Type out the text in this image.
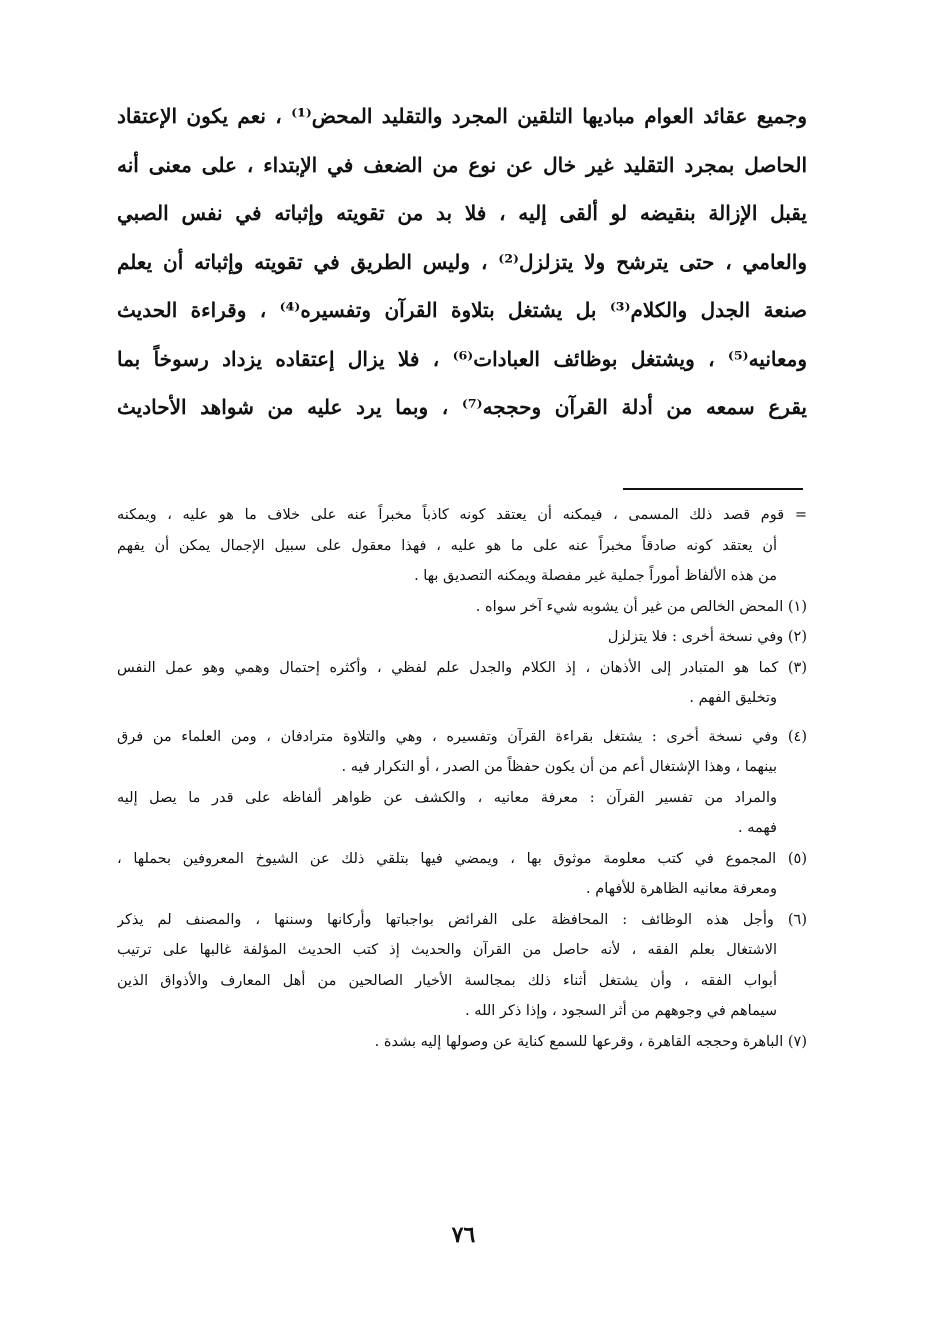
وجميع عقائد العوام مباديها التلقين المجرد والتقليد المحض⁽¹⁾ ، نعم يكون الإعتقاد
الحاصل بمجرد التقليد غير خال عن نوع من الضعف في الإبتداء ، على معنى أنه
يقبل الإزالة بنقيضه لو ألقى إليه ، فلا بد من تقويته وإثباته في نفس الصبي
والعامي ، حتى يترشح ولا يتزلزل⁽²⁾ ، وليس الطريق في تقويته وإثباته أن يعلم
صنعة الجدل والكلام⁽³⁾ بل يشتغل بتلاوة القرآن وتفسيره⁽⁴⁾ ، وقراءة الحديث
ومعانيه⁽⁵⁾ ، ويشتغل بوظائف العبادات⁽⁶⁾ ، فلا يزال إعتقاده يزداد رسوخاً بما
يقرع سمعه من أدلة القرآن وحججه⁽⁷⁾ ، وبما يرد عليه من شواهد الأحاديث
= قوم قصد ذلك المسمى ، فيمكنه أن يعتقد كونه كاذباً مخبراً عنه على خلاف ما هو عليه ، ويمكنه
أن يعتقد كونه صادقاً مخبراً عنه على ما هو عليه ، فهذا معقول على سبيل الإجمال يمكن أن يفهم
من هذه الألفاظ أموراً جملية غير مفصلة ويمكنه التصديق بها .
(١) المحض الخالص من غير أن يشوبه شيء آخر سواه .
(٢) وفي نسخة أخرى : فلا يتزلزل
(٣) كما هو المتبادر إلى الأذهان ، إذ الكلام والجدل علم لفظي ، وأكثره إحتمال وهمي وهو عمل النفس
وتخليق الفهم .
(٤) وفي نسخة أخرى : يشتغل بقراءة القرآن وتفسيره ، وهي والتلاوة مترادفان ، ومن العلماء من فرق
بينهما ، وهذا الإشتغال أعم من أن يكون حفظاً من الصدر ، أو التكرار فيه .
والمراد من تفسير القرآن : معرفة معانيه ، والكشف عن ظواهر ألفاظه على قدر ما يصل إليه
فهمه .
(٥) المجموع في كتب معلومة موثوق بها ، ويمضي فيها بتلقي ذلك عن الشيوخ المعروفين بحملها ،
ومعرفة معانيه الظاهرة للأفهام .
(٦) وأجل هذه الوظائف : المحافظة على الفرائض بواجباتها وأركانها وسننها ، والمصنف لم يذكر
الاشتغال بعلم الفقه ، لأنه حاصل من القرآن والحديث إذ كتب الحديث المؤلفة غالبها على ترتيب
أبواب الفقه ، وأن يشتغل أثناء ذلك بمجالسة الأخيار الصالحين من أهل المعارف والأذواق الذين
سيماهم في وجوههم من أثر السجود ، وإذا ذكر الله .
(٧) الباهرة وحججه القاهرة ، وقرعها للسمع كناية عن وصولها إليه بشدة .
٧٦
